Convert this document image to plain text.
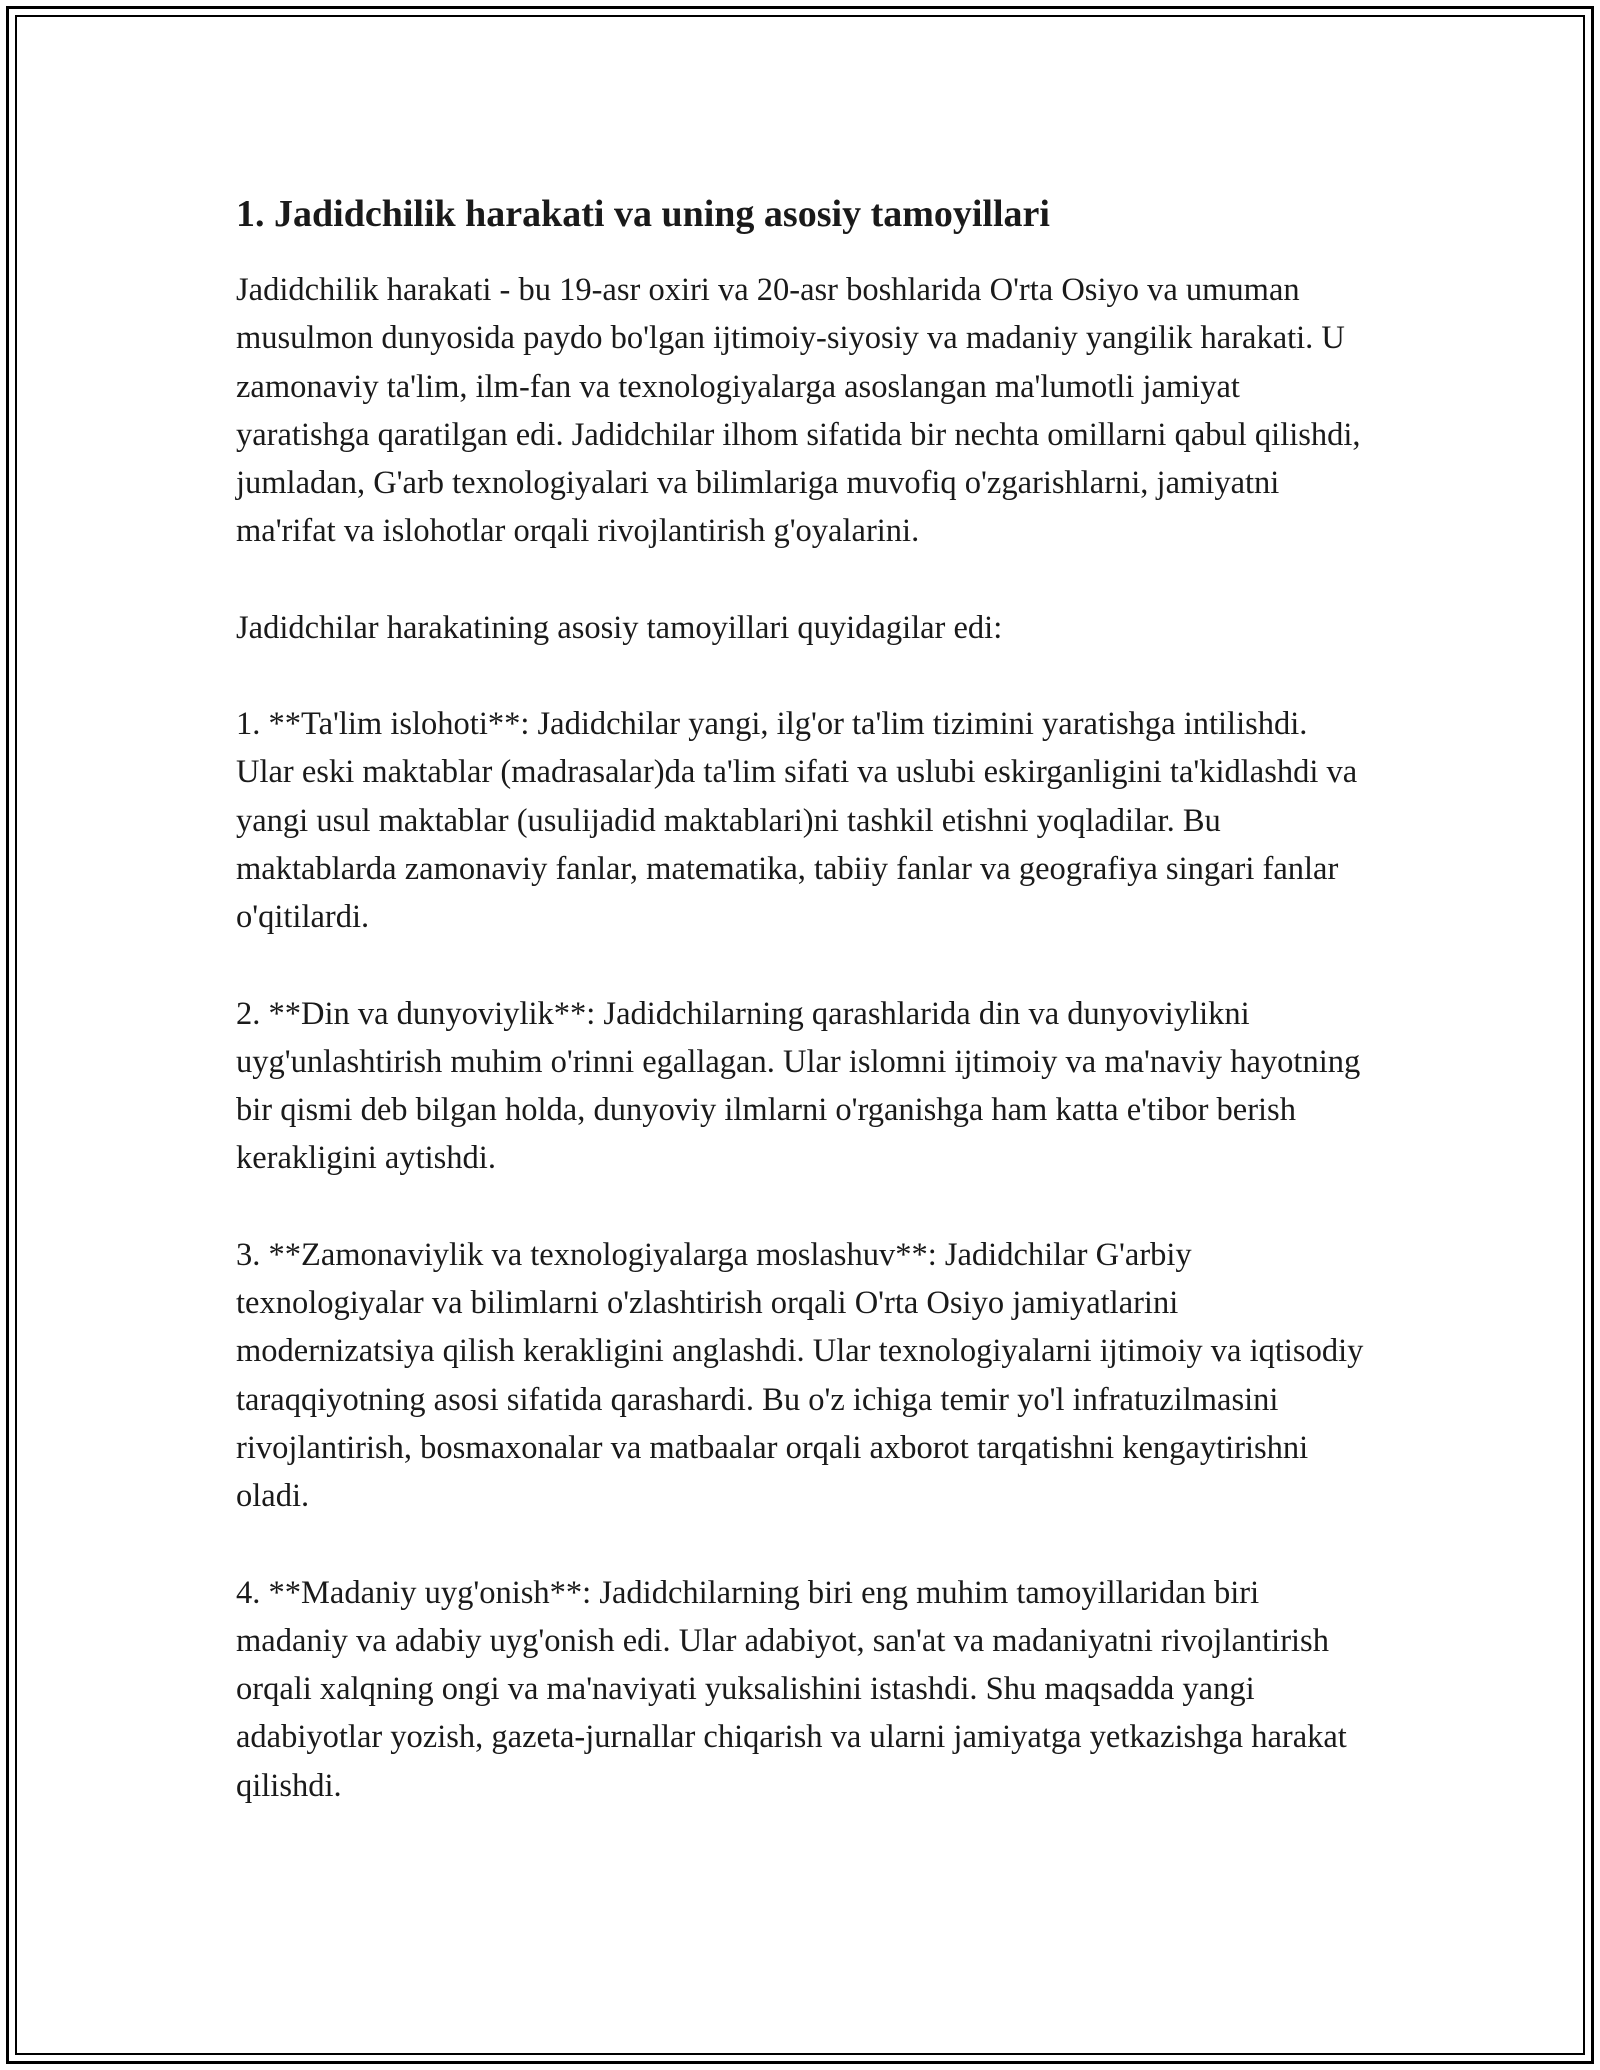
1. Jadidchilik harakati va uning asosiy tamoyillari

Jadidchilik harakati - bu 19-asr oxiri va 20-asr boshlarida O'rta Osiyo va umuman musulmon dunyosida paydo bo'lgan ijtimoiy-siyosiy va madaniy yangilik harakati. U zamonaviy ta'lim, ilm-fan va texnologiyalarga asoslangan ma'lumotli jamiyat yaratishga qaratilgan edi. Jadidchilar ilhom sifatida bir nechta omillarni qabul qilishdi, jumladan, G'arb texnologiyalari va bilimlariga muvofiq o'zgarishlarni, jamiyatni ma'rifat va islohotlar orqali rivojlantirish g'oyalarini.

Jadidchilar harakatining asosiy tamoyillari quyidagilar edi:

1. **Ta'lim islohoti**: Jadidchilar yangi, ilg'or ta'lim tizimini yaratishga intilishdi. Ular eski maktablar (madrasalar)da ta'lim sifati va uslubi eskirganligini ta'kidlashdi va yangi usul maktablar (usulijadid maktablari)ni tashkil etishni yoqladilar. Bu maktablarda zamonaviy fanlar, matematika, tabiiy fanlar va geografiya singari fanlar o'qitilardi.

2. **Din va dunyoviylik**: Jadidchilarning qarashlarida din va dunyoviylikni uyg'unlashtirish muhim o'rinni egallagan. Ular islomni ijtimoiy va ma'naviy hayotning bir qismi deb bilgan holda, dunyoviy ilmlarni o'rganishga ham katta e'tibor berish kerakligini aytishdi.

3. **Zamonaviylik va texnologiyalarga moslashuv**: Jadidchilar G'arbiy texnologiyalar va bilimlarni o'zlashtirish orqali O'rta Osiyo jamiyatlarini modernizatsiya qilish kerakligini anglashdi. Ular texnologiyalarni ijtimoiy va iqtisodiy taraqqiyotning asosi sifatida qarashardi. Bu o'z ichiga temir yo'l infratuzilmasini rivojlantirish, bosmaxonalar va matbaalar orqali axborot tarqatishni kengaytirishni oladi.

4. **Madaniy uyg'onish**: Jadidchilarning biri eng muhim tamoyillaridan biri madaniy va adabiy uyg'onish edi. Ular adabiyot, san'at va madaniyatni rivojlantirish orqali xalqning ongi va ma'naviyati yuksalishini istashdi. Shu maqsadda yangi adabiyotlar yozish, gazeta-jurnallar chiqarish va ularni jamiyatga yetkazishga harakat qilishdi.
